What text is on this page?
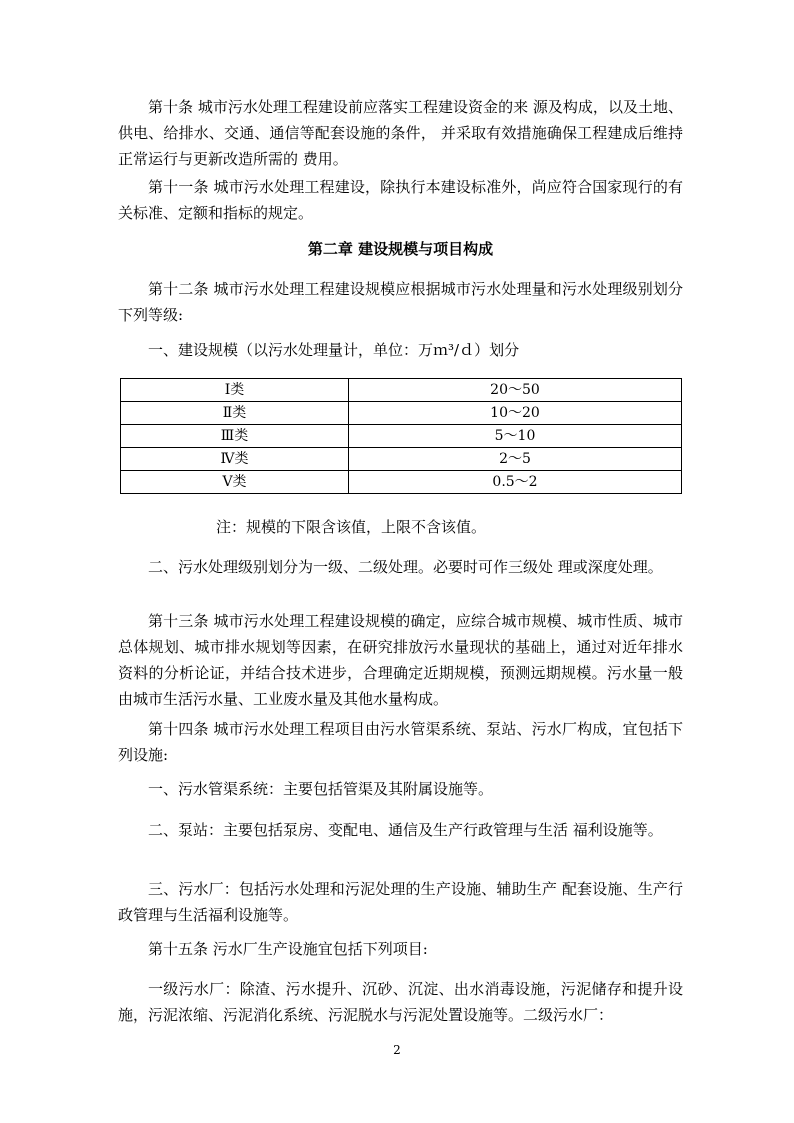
第十条 城市污水处理工程建设前应落实工程建设资金的来 源及构成，以及土地、供电、给排水、交通、通信等配套设施的条件， 并采取有效措施确保工程建成后维持正常运行与更新改造所需的 费用。

第十一条 城市污水处理工程建设，除执行本建设标准外，尚应符合国家现行的有关标准、定额和指标的规定。

第二章 建设规模与项目构成

第十二条 城市污水处理工程建设规模应根据城市污水处理量和污水处理级别划分下列等级:

一、建设规模（以污水处理量计，单位：万ｍ³/ｄ）划分

Ⅰ类	20～50
Ⅱ类	10～20
Ⅲ类	5～10
Ⅳ类	2～5
Ⅴ类	0.5～2

注：规模的下限含该值，上限不含该值。

二、污水处理级别划分为一级、二级处理。必要时可作三级处 理或深度处理。

第十三条 城市污水处理工程建设规模的确定，应综合城市规模、城市性质、城市总体规划、城市排水规划等因素，在研究排放污水量现状的基础上，通过对近年排水资料的分析论证，并结合技术进步，合理确定近期规模，预测远期规模。污水量一般由城市生活污水量、工业废水量及其他水量构成。

第十四条 城市污水处理工程项目由污水管渠系统、泵站、污水厂构成，宜包括下列设施:

一、污水管渠系统：主要包括管渠及其附属设施等。

二、泵站：主要包括泵房、变配电、通信及生产行政管理与生活 福利设施等。

三、污水厂：包括污水处理和污泥处理的生产设施、辅助生产 配套设施、生产行政管理与生活福利设施等。

第十五条 污水厂生产设施宜包括下列项目:

一级污水厂：除渣、污水提升、沉砂、沉淀、出水消毒设施，污泥储存和提升设施，污泥浓缩、污泥消化系统、污泥脱水与污泥处置设施等。二级污水厂：

2
